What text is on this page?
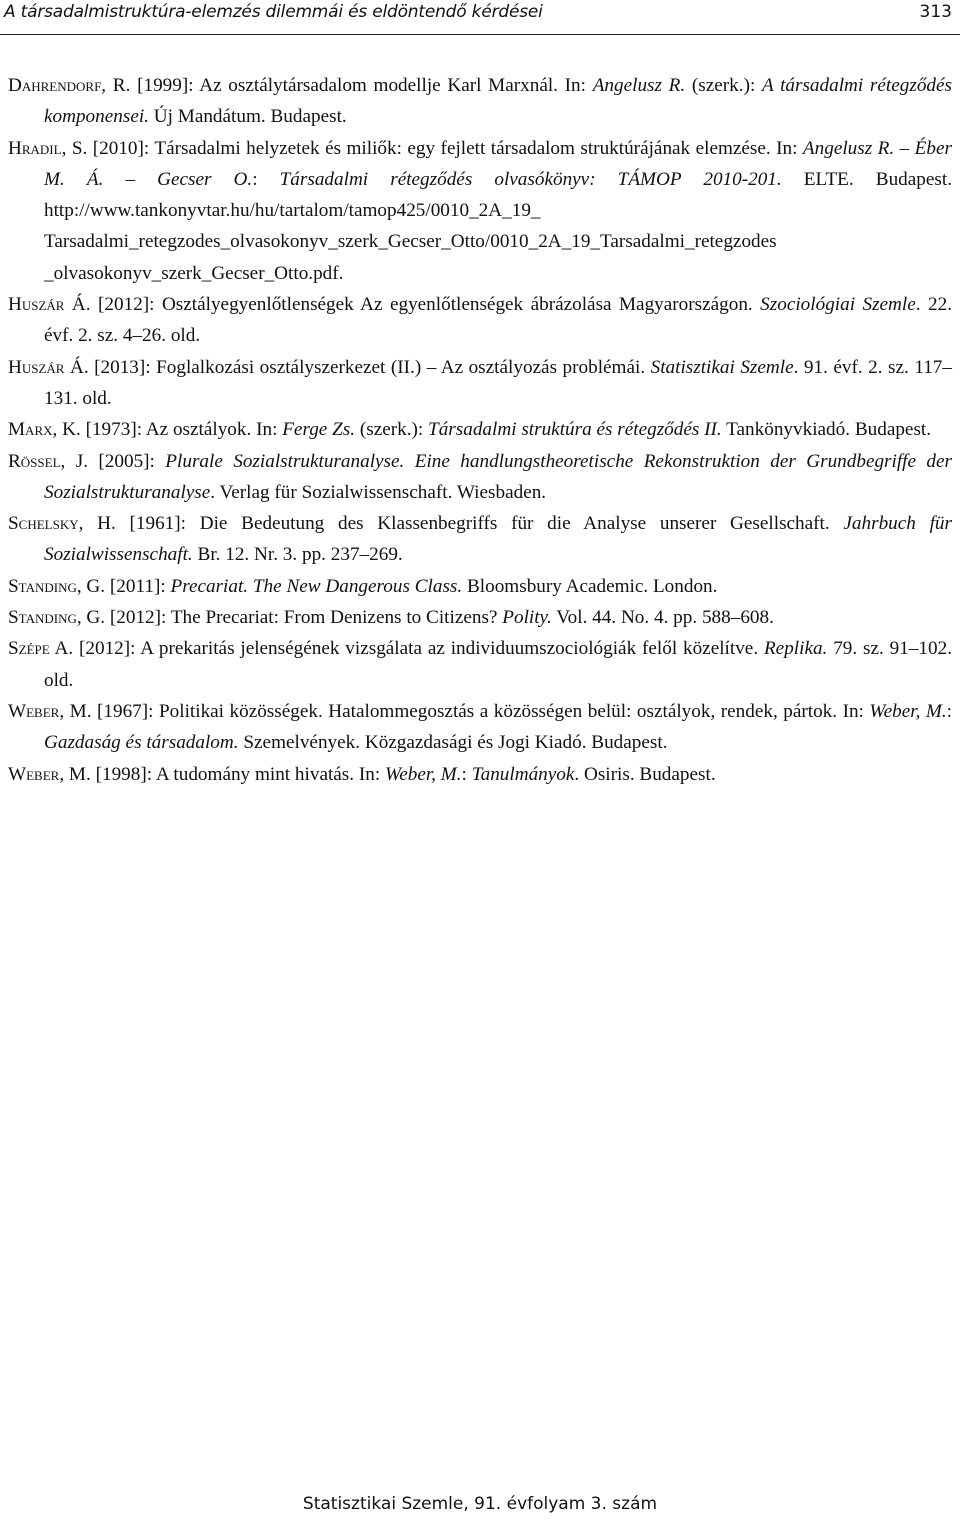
A társadalmistruktúra-elemzés dilemmái és eldöntendő kérdései	313

Dahrendorf, R. [1999]: Az osztálytársadalom modellje Karl Marxnál. In: Angelusz R. (szerk.): A társadalmi rétegződés komponensei. Új Mandátum. Budapest.

Hradil, S. [2010]: Társadalmi helyzetek és miliők: egy fejlett társadalom struktúrájának elemzése. In: Angelusz R. – Éber M. Á. – Gecser O.: Társadalmi rétegződés olvasókönyv: TÁMOP 2010-201. ELTE. Budapest. http://www.tankonyvtar.hu/hu/tartalom/tamop425/0010_2A_19_ Tarsadalmi_retegzodes_olvasokonyv_szerk_Gecser_Otto/0010_2A_19_Tarsadalmi_retegzodes _olvasokonyv_szerk_Gecser_Otto.pdf.

Huszár Á. [2012]: Osztályegyenlőtlenségek Az egyenlőtlenségek ábrázolása Magyarországon. Szociológiai Szemle. 22. évf. 2. sz. 4–26. old.

Huszár Á. [2013]: Foglalkozási osztályszerkezet (II.) – Az osztályozás problémái. Statisztikai Szemle. 91. évf. 2. sz. 117–131. old.

Marx, K. [1973]: Az osztályok. In: Ferge Zs. (szerk.): Társadalmi struktúra és rétegződés II. Tankönyvkiadó. Budapest.

Rössel, J. [2005]: Plurale Sozialstrukturanalyse. Eine handlungstheoretische Rekonstruktion der Grundbegriffe der Sozialstrukturanalyse. Verlag für Sozialwissenschaft. Wiesbaden.

Schelsky, H. [1961]: Die Bedeutung des Klassenbegriffs für die Analyse unserer Gesellschaft. Jahrbuch für Sozialwissenschaft. Br. 12. Nr. 3. pp. 237–269.

Standing, G. [2011]: Precariat. The New Dangerous Class. Bloomsbury Academic. London.

Standing, G. [2012]: The Precariat: From Denizens to Citizens? Polity. Vol. 44. No. 4. pp. 588–608.

Szépe A. [2012]: A prekaritás jelenségének vizsgálata az individuumszociológiák felől közelítve. Replika. 79. sz. 91–102. old.

Weber, M. [1967]: Politikai közösségek. Hatalommegosztás a közösségen belül: osztályok, rendek, pártok. In: Weber, M.: Gazdaság és társadalom. Szemelvények. Közgazdasági és Jogi Kiadó. Budapest.

Weber, M. [1998]: A tudomány mint hivatás. In: Weber, M.: Tanulmányok. Osiris. Budapest.

Statisztikai Szemle, 91. évfolyam 3. szám
